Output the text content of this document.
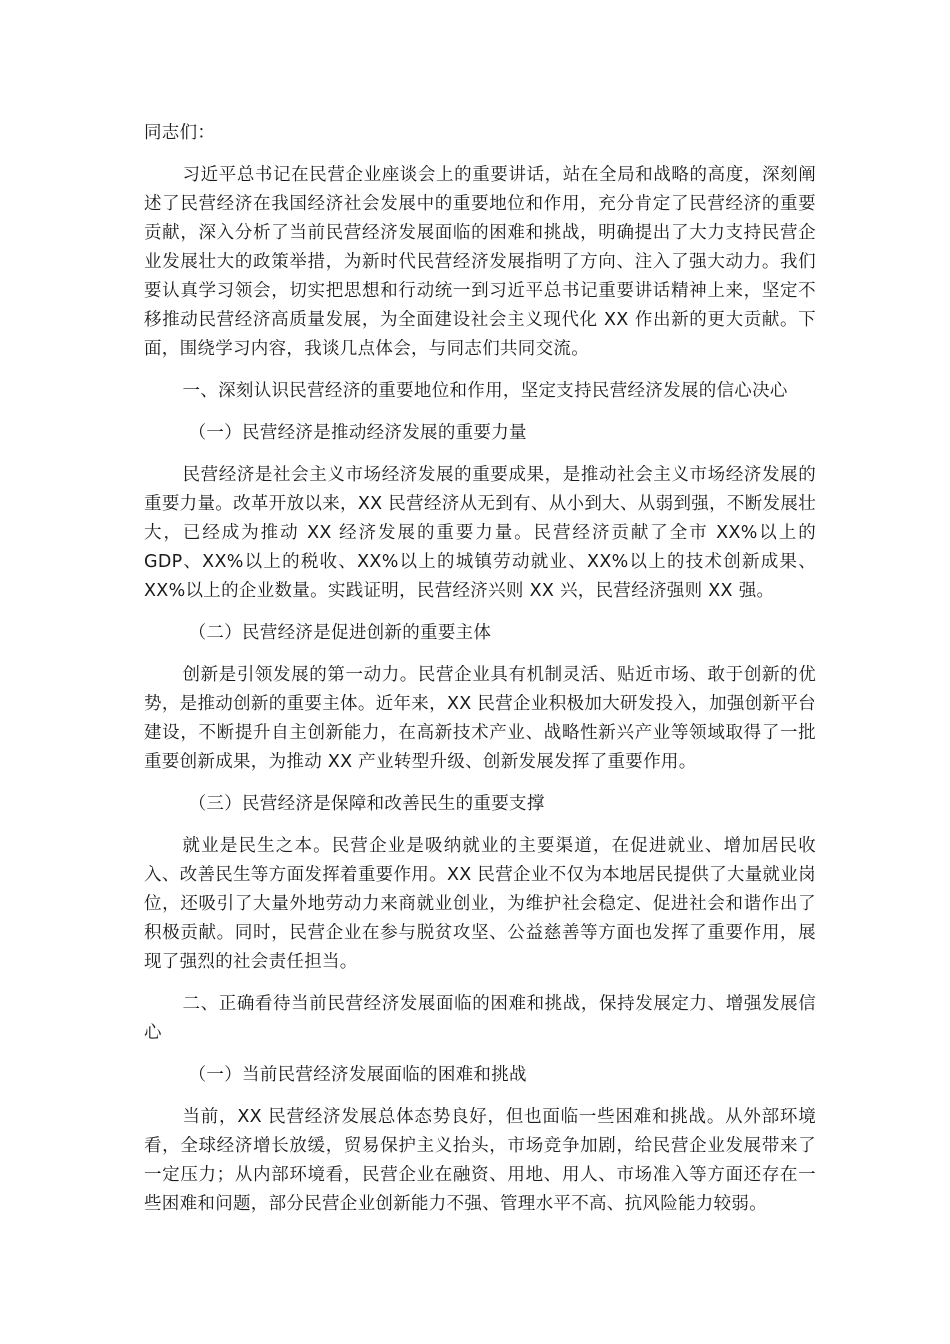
同志们：

习近平总书记在民营企业座谈会上的重要讲话，站在全局和战略的高度，深刻阐述了民营经济在我国经济社会发展中的重要地位和作用，充分肯定了民营经济的重要贡献，深入分析了当前民营经济发展面临的困难和挑战，明确提出了大力支持民营企业发展壮大的政策举措，为新时代民营经济发展指明了方向、注入了强大动力。我们要认真学习领会，切实把思想和行动统一到习近平总书记重要讲话精神上来，坚定不移推动民营经济高质量发展，为全面建设社会主义现代化 XX 作出新的更大贡献。下面，围绕学习内容，我谈几点体会，与同志们共同交流。

一、深刻认识民营经济的重要地位和作用，坚定支持民营经济发展的信心决心

（一）民营经济是推动经济发展的重要力量

民营经济是社会主义市场经济发展的重要成果，是推动社会主义市场经济发展的重要力量。改革开放以来，XX 民营经济从无到有、从小到大、从弱到强，不断发展壮大，已经成为推动 XX 经济发展的重要力量。民营经济贡献了全市 XX%以上的 GDP、XX%以上的税收、XX%以上的城镇劳动就业、XX%以上的技术创新成果、XX%以上的企业数量。实践证明，民营经济兴则 XX 兴，民营经济强则 XX 强。

（二）民营经济是促进创新的重要主体

创新是引领发展的第一动力。民营企业具有机制灵活、贴近市场、敢于创新的优势，是推动创新的重要主体。近年来，XX 民营企业积极加大研发投入，加强创新平台建设，不断提升自主创新能力，在高新技术产业、战略性新兴产业等领域取得了一批重要创新成果，为推动 XX 产业转型升级、创新发展发挥了重要作用。

（三）民营经济是保障和改善民生的重要支撑

就业是民生之本。民营企业是吸纳就业的主要渠道，在促进就业、增加居民收入、改善民生等方面发挥着重要作用。XX 民营企业不仅为本地居民提供了大量就业岗位，还吸引了大量外地劳动力来商就业创业，为维护社会稳定、促进社会和谐作出了积极贡献。同时，民营企业在参与脱贫攻坚、公益慈善等方面也发挥了重要作用，展现了强烈的社会责任担当。

二、正确看待当前民营经济发展面临的困难和挑战，保持发展定力、增强发展信心

（一）当前民营经济发展面临的困难和挑战

当前，XX 民营经济发展总体态势良好，但也面临一些困难和挑战。从外部环境看，全球经济增长放缓，贸易保护主义抬头，市场竞争加剧，给民营企业发展带来了一定压力；从内部环境看，民营企业在融资、用地、用人、市场准入等方面还存在一些困难和问题，部分民营企业创新能力不强、管理水平不高、抗风险能力较弱。
